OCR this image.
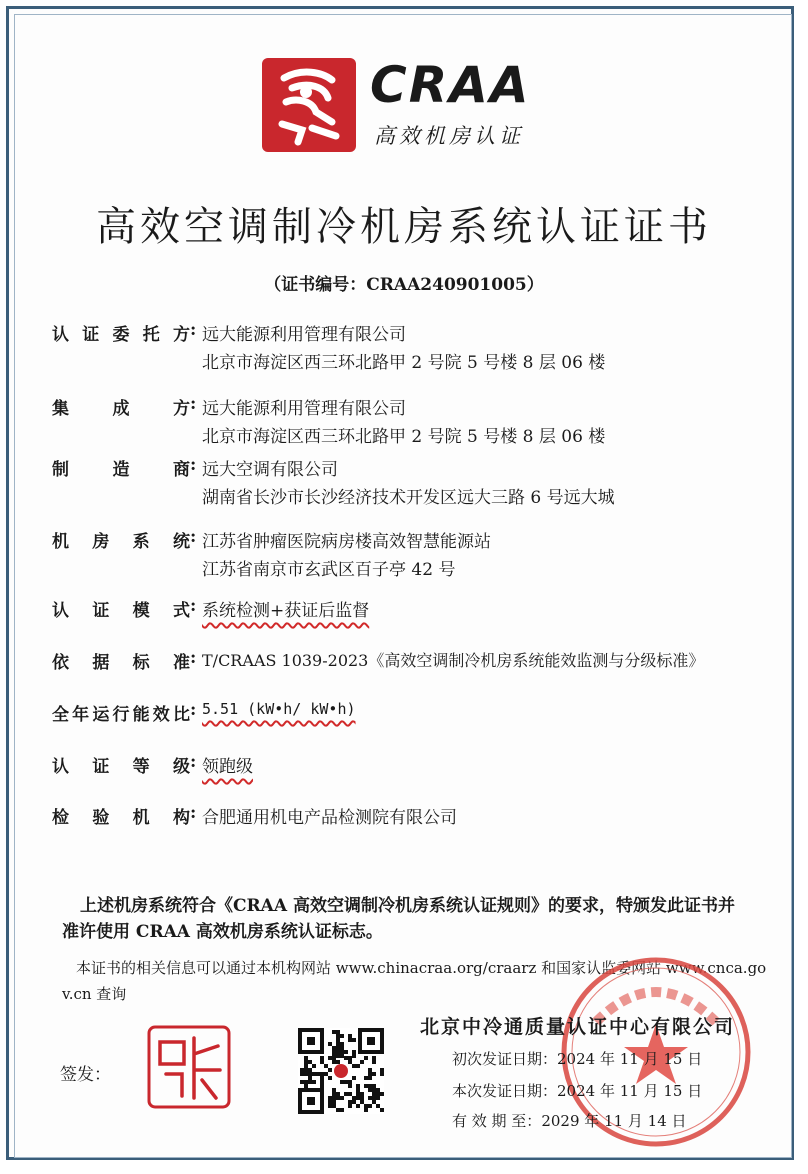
CRAA
高效机房认证
高效空调制冷机房系统认证证书
（证书编号：CRAA240901005）
认 证 委 托 方 : 远大能源利用管理有限公司
北京市海淀区西三环北路甲 2 号院 5 号楼 8 层 06 楼
集	成	方 : 远大能源利用管理有限公司
北京市海淀区西三环北路甲 2 号院 5 号楼 8 层 06 楼
制	造	商 : 远大空调有限公司
湖南省长沙市长沙经济技术开发区远大三路 6 号远大城
机 房 系 统 : 江苏省肿瘤医院病房楼高效智慧能源站
江苏省南京市玄武区百子亭 42 号
认 证 模 式 : 系统检测+获证后监督
依 据 标 准 : T/CRAAS 1039-2023《高效空调制冷机房系统能效监测与分级标准》
全 年 运 行 能 效 比 : 5.51 (kW•h/ kW•h)
认 证 等 级 : 领跑级
检 验 机 构 : 合肥通用机电产品检测院有限公司
上述机房系统符合《CRAA 高效空调制冷机房系统认证规则》的要求，特颁发此证书并
准许使用 CRAA 高效机房系统认证标志。
本证书的相关信息可以通过本机构网站 www.chinacraa.org/craarz 和国家认监委网站 www.cnca.go
v.cn 查询
北京中冷通质量认证中心有限公司
初次发证日期：2024 年 11 月 15 日
本次发证日期：2024 年 11 月 15 日
有 效 期 至：2029 年 11 月 14 日
签发：
